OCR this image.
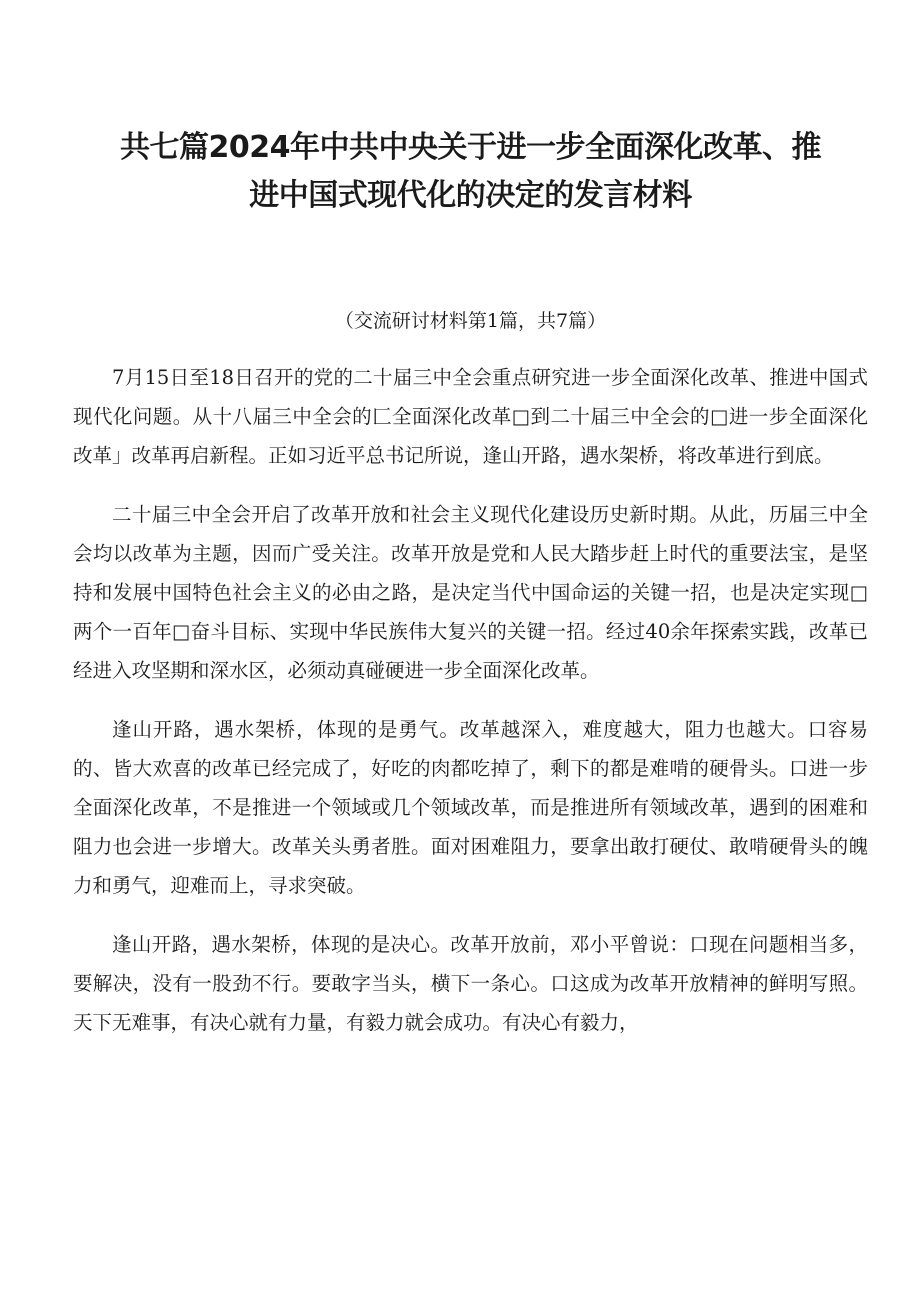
共七篇2024年中共中央关于进一步全面深化改革、推
进中国式现代化的决定的发言材料

（交流研讨材料第1篇，共7篇）

7月15日至18日召开的党的二十届三中全会重点研究进一步全面深化改革、推进中国式现代化问题。从十八届三中全会的匚全面深化改革□到二十届三中全会的□进一步全面深化改革」改革再启新程。正如习近平总书记所说，逢山开路，遇水架桥，将改革进行到底。

二十届三中全会开启了改革开放和社会主义现代化建设历史新时期。从此，历届三中全会均以改革为主题，因而广受关注。改革开放是党和人民大踏步赶上时代的重要法宝，是坚持和发展中国特色社会主义的必由之路，是决定当代中国命运的关键一招，也是决定实现□两个一百年□奋斗目标、实现中华民族伟大复兴的关键一招。经过40余年探索实践，改革已经进入攻坚期和深水区，必须动真碰硬进一步全面深化改革。

逢山开路，遇水架桥，体现的是勇气。改革越深入，难度越大，阻力也越大。口容易的、皆大欢喜的改革已经完成了，好吃的肉都吃掉了，剩下的都是难啃的硬骨头。口进一步全面深化改革，不是推进一个领域或几个领域改革，而是推进所有领域改革，遇到的困难和阻力也会进一步增大。改革关头勇者胜。面对困难阻力，要拿出敢打硬仗、敢啃硬骨头的魄力和勇气，迎难而上，寻求突破。

逢山开路，遇水架桥，体现的是决心。改革开放前，邓小平曾说：口现在问题相当多，要解决，没有一股劲不行。要敢字当头，横下一条心。口这成为改革开放精神的鲜明写照。天下无难事，有决心就有力量，有毅力就会成功。有决心有毅力，
